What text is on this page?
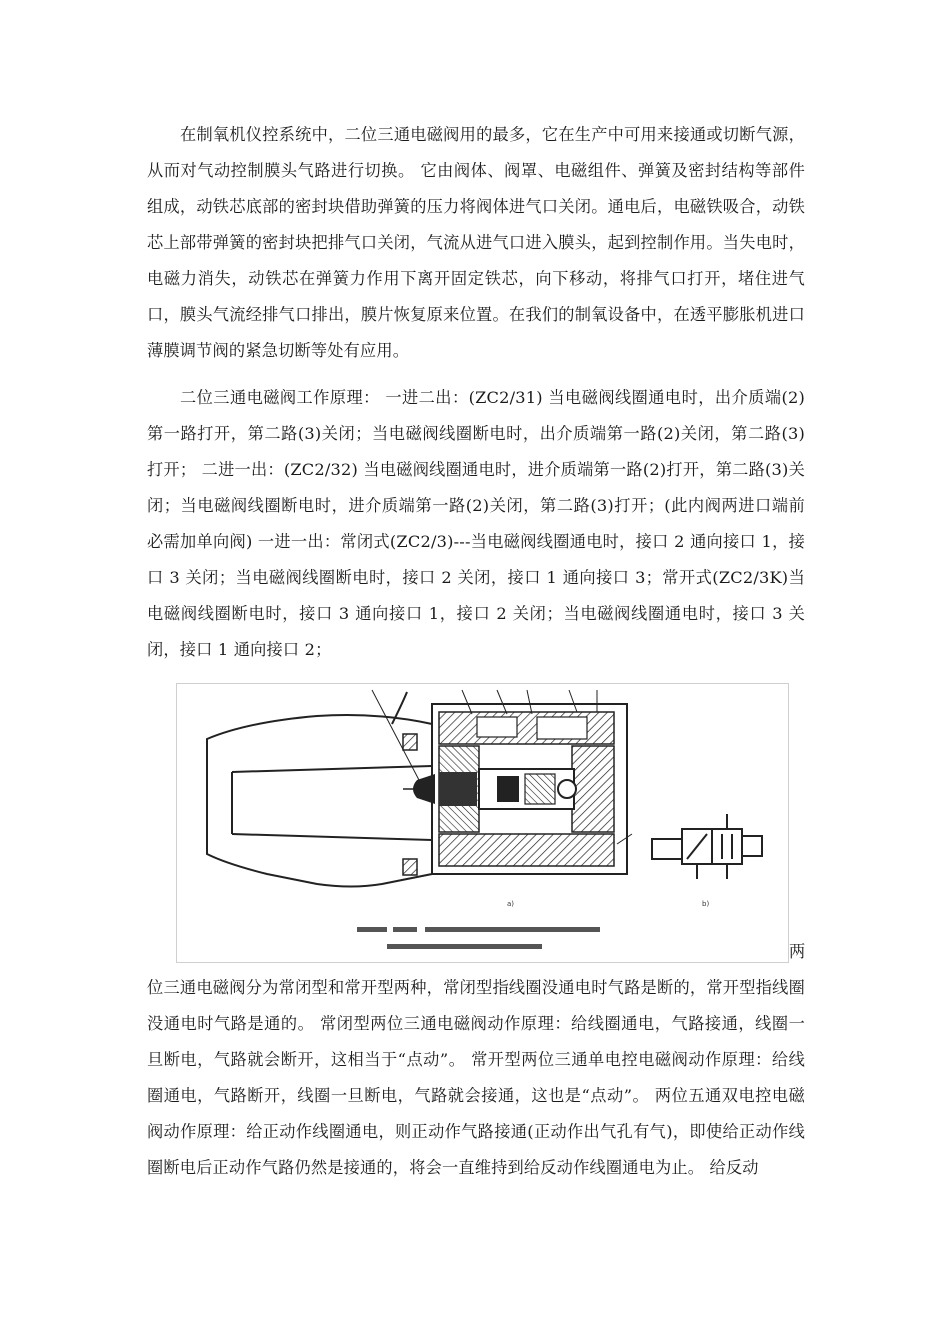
在制氧机仪控系统中，二位三通电磁阀用的最多，它在生产中可用来接通或切断气源，从而对气动控制膜头气路进行切换。 它由阀体、阀罩、电磁组件、弹簧及密封结构等部件组成，动铁芯底部的密封块借助弹簧的压力将阀体进气口关闭。通电后，电磁铁吸合，动铁芯上部带弹簧的密封块把排气口关闭，气流从进气口进入膜头，起到控制作用。当失电时，电磁力消失，动铁芯在弹簧力作用下离开固定铁芯，向下移动，将排气口打开，堵住进气口，膜头气流经排气口排出，膜片恢复原来位置。在我们的制氧设备中，在透平膨胀机进口薄膜调节阀的紧急切断等处有应用。

二位三通电磁阀工作原理： 一进二出：(ZC2/31) 当电磁阀线圈通电时，出介质端(2)第一路打开，第二路(3)关闭；当电磁阀线圈断电时，出介质端第一路(2)关闭，第二路(3)打开； 二进一出：(ZC2/32) 当电磁阀线圈通电时，进介质端第一路(2)打开，第二路(3)关闭；当电磁阀线圈断电时，进介质端第一路(2)关闭，第二路(3)打开；(此内阀两进口端前必需加单向阀) 一进一出：常闭式(ZC2/3)---当电磁阀线圈通电时，接口 2 通向接口 1，接口 3 关闭；当电磁阀线圈断电时，接口 2 关闭，接口 1 通向接口 3；常开式(ZC2/3K)当电磁阀线圈断电时，接口 3 通向接口 1，接口 2 关闭；当电磁阀线圈通电时，接口 3 关闭，接口 1 通向接口 2；

a)	b)
两

位三通电磁阀分为常闭型和常开型两种，常闭型指线圈没通电时气路是断的，常开型指线圈没通电时气路是通的。 常闭型两位三通电磁阀动作原理：给线圈通电，气路接通，线圈一旦断电，气路就会断开，这相当于“点动”。 常开型两位三通单电控电磁阀动作原理：给线圈通电，气路断开，线圈一旦断电，气路就会接通，这也是“点动”。 两位五通双电控电磁阀动作原理：给正动作线圈通电，则正动作气路接通(正动作出气孔有气)，即使给正动作线圈断电后正动作气路仍然是接通的，将会一直维持到给反动作线圈通电为止。 给反动
